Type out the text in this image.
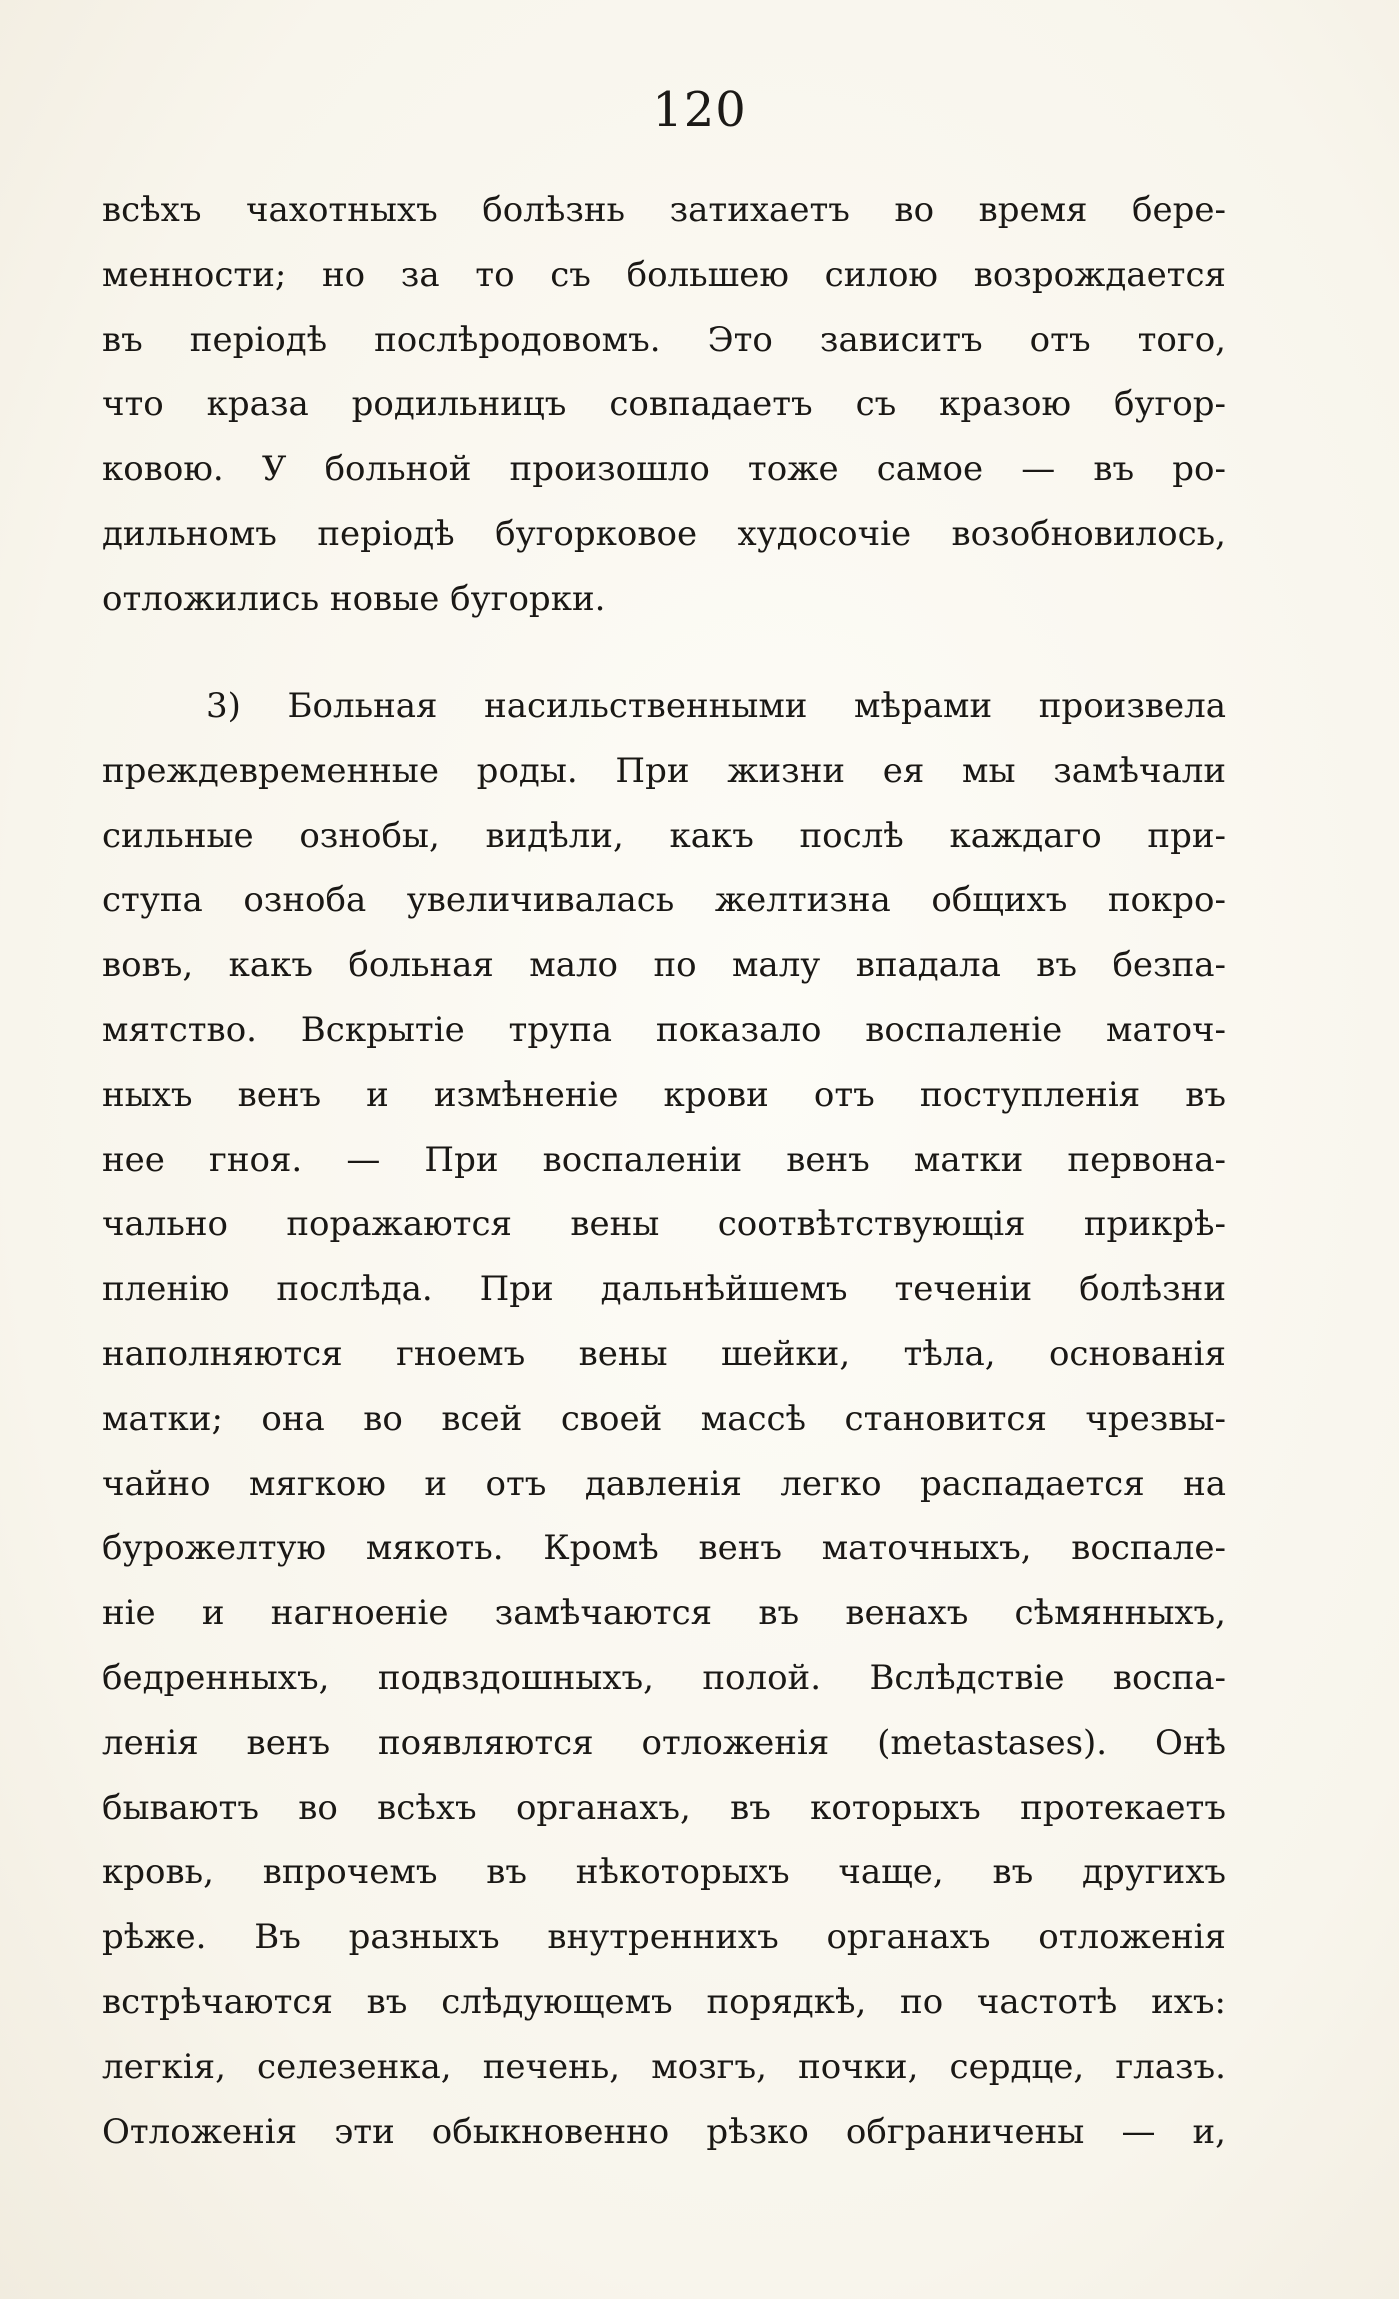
120
всѣхъ чахотныхъ болѣзнь затихаетъ во время бере-
менности; но за то съ большею силою возрождается
въ періодѣ послѣродовомъ. Это зависитъ отъ того,
что краза родильницъ совпадаетъ съ кразою бугор-
ковою. У больной произошло тоже самое — въ ро-
дильномъ періодѣ бугорковое худосочіе возобновилось,
отложились новые бугорки.
3) Больная насильственными мѣрами произвела
преждевременные роды. При жизни ея мы замѣчали
сильные ознобы, видѣли, какъ послѣ каждаго при-
ступа озноба увеличивалась желтизна общихъ покро-
вовъ, какъ больная мало по малу впадала въ безпа-
мятство. Вскрытіе трупа показало воспаленіе маточ-
ныхъ венъ и измѣненіе крови отъ поступленія въ
нее гноя. — При воспаленіи венъ матки первона-
чально поражаются вены соотвѣтствующія прикрѣ-
пленію послѣда. При дальнѣйшемъ теченіи болѣзни
наполняются гноемъ вены шейки, тѣла, основанія
матки; она во всей своей массѣ становится чрезвы-
чайно мягкою и отъ давленія легко распадается на
бурожелтую мякоть. Кромѣ венъ маточныхъ, воспале-
ніе и нагноеніе замѣчаются въ венахъ сѣмянныхъ,
бедренныхъ, подвздошныхъ, полой. Вслѣдствіе воспа-
ленія венъ появляются отложенія (metastases). Онѣ
бываютъ во всѣхъ органахъ, въ которыхъ протекаетъ
кровь, впрочемъ въ нѣкоторыхъ чаще, въ другихъ
рѣже. Въ разныхъ внутреннихъ органахъ отложенія
встрѣчаются въ слѣдующемъ порядкѣ, по частотѣ ихъ:
легкія, селезенка, печень, мозгъ, почки, сердце, глазъ.
Отложенія эти обыкновенно рѣзко обграничены — и,
